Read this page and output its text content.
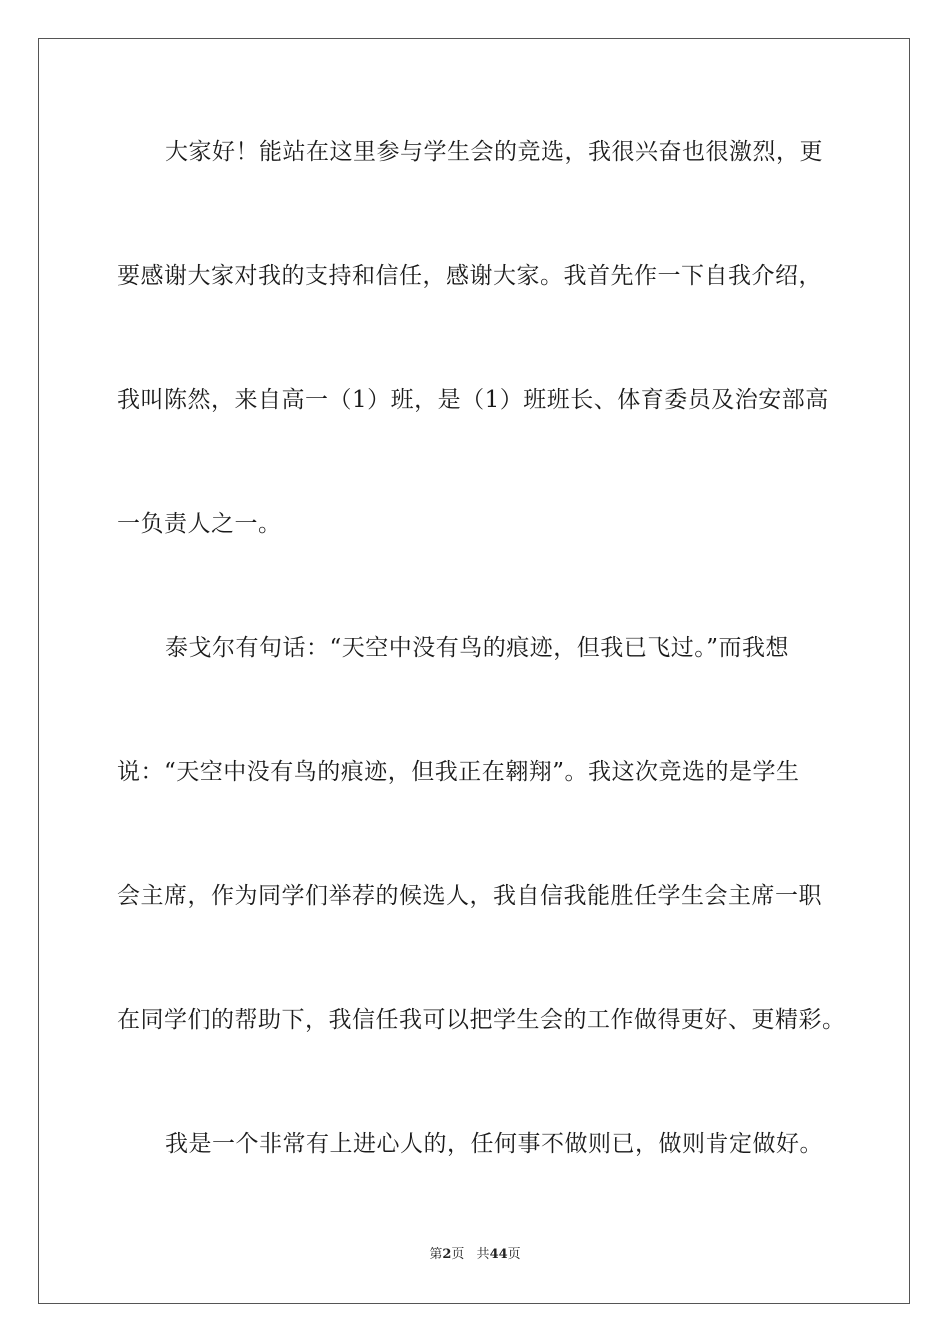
大家好！能站在这里参与学生会的竞选，我很兴奋也很激烈，更
要感谢大家对我的支持和信任，感谢大家。我首先作一下自我介绍，
我叫陈然，来自高一（1）班，是（1）班班长、体育委员及治安部高
一负责人之一。
泰戈尔有句话：“天空中没有鸟的痕迹，但我已飞过。”而我想
说：“天空中没有鸟的痕迹，但我正在翱翔”。我这次竞选的是学生
会主席，作为同学们举荐的候选人，我自信我能胜任学生会主席一职
在同学们的帮助下，我信任我可以把学生会的工作做得更好、更精彩。
我是一个非常有上进心人的，任何事不做则已，做则肯定做好。
第2页 共44页
